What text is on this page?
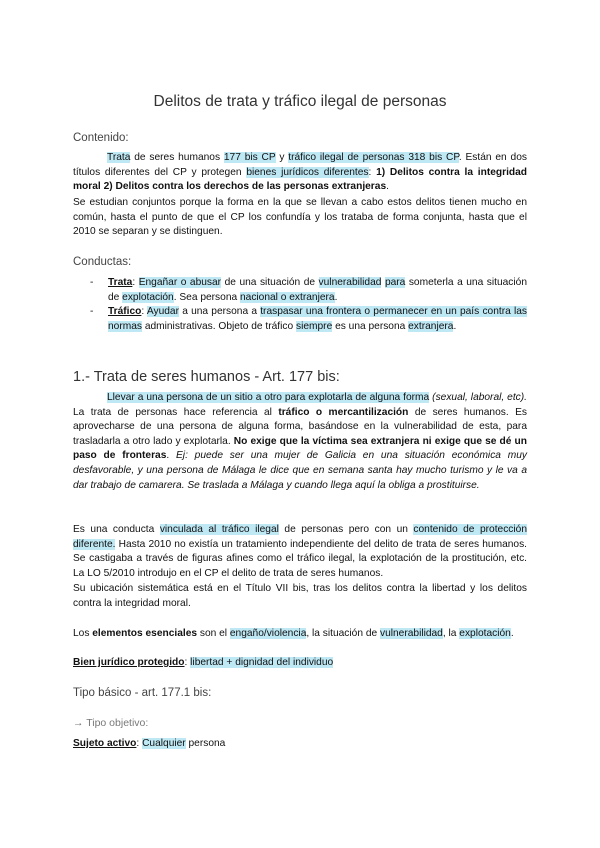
Delitos de trata y tráfico ilegal de personas
Contenido:
Trata de seres humanos 177 bis CP y tráfico ilegal de personas 318 bis CP. Están en dos títulos diferentes del CP y protegen bienes jurídicos diferentes: 1) Delitos contra la integridad moral 2) Delitos contra los derechos de las personas extranjeras.
Se estudian conjuntos porque la forma en la que se llevan a cabo estos delitos tienen mucho en común, hasta el punto de que el CP los confundía y los trataba de forma conjunta, hasta que el 2010 se separan y se distinguen.
Conductas:
- Trata: Engañar o abusar de una situación de vulnerabilidad para someterla a una situación de explotación. Sea persona nacional o extranjera.
- Tráfico: Ayudar a una persona a traspasar una frontera o permanecer en un país contra las normas administrativas. Objeto de tráfico siempre es una persona extranjera.
1.- Trata de seres humanos - Art. 177 bis:
Llevar a una persona de un sitio a otro para explotarla de alguna forma (sexual, laboral, etc). La trata de personas hace referencia al tráfico o mercantilización de seres humanos. Es aprovecharse de una persona de alguna forma, basándose en la vulnerabilidad de esta, para trasladarla a otro lado y explotarla. No exige que la víctima sea extranjera ni exige que se dé un paso de fronteras. Ej: puede ser una mujer de Galicia en una situación económica muy desfavorable, y una persona de Málaga le dice que en semana santa hay mucho turismo y le va a dar trabajo de camarera. Se traslada a Málaga y cuando llega aquí la obliga a prostituirse.
Es una conducta vinculada al tráfico ilegal de personas pero con un contenido de protección diferente. Hasta 2010 no existía un tratamiento independiente del delito de trata de seres humanos. Se castigaba a través de figuras afines como el tráfico ilegal, la explotación de la prostitución, etc. La LO 5/2010 introdujo en el CP el delito de trata de seres humanos.
Su ubicación sistemática está en el Título VII bis, tras los delitos contra la libertad y los delitos contra la integridad moral.
Los elementos esenciales son el engaño/violencia, la situación de vulnerabilidad, la explotación.
Bien jurídico protegido: libertad + dignidad del individuo
Tipo básico - art. 177.1 bis:
→ Tipo objetivo:
Sujeto activo: Cualquier persona
